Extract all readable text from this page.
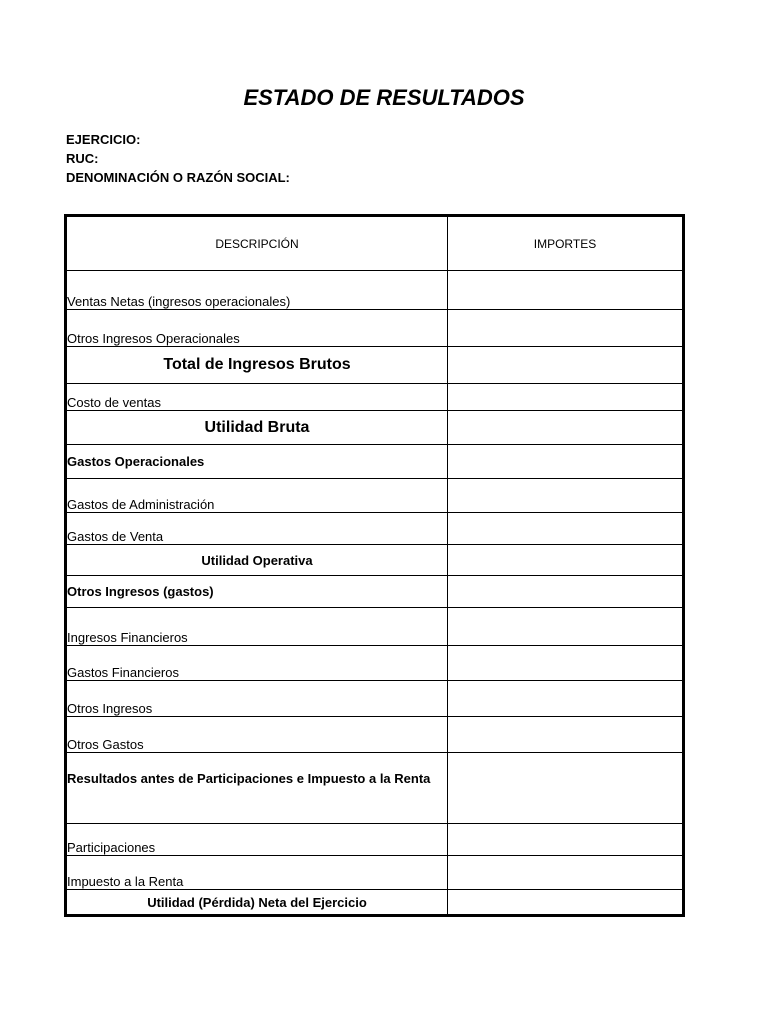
ESTADO DE RESULTADOS
EJERCICIO:
RUC:
DENOMINACIÓN O RAZÓN SOCIAL:
DESCRIPCIÓN	IMPORTES
Ventas Netas (ingresos operacionales)	
Otros Ingresos Operacionales	
Total de Ingresos Brutos	
Costo de ventas	
Utilidad Bruta	
Gastos Operacionales	
Gastos de Administración	
Gastos de Venta	
Utilidad Operativa	
Otros Ingresos (gastos)	
Ingresos Financieros	
Gastos Financieros	
Otros Ingresos	
Otros Gastos	
Resultados antes de Participaciones e Impuesto a la Renta	
Participaciones	
Impuesto a la Renta	
Utilidad (Pérdida) Neta del Ejercicio	
